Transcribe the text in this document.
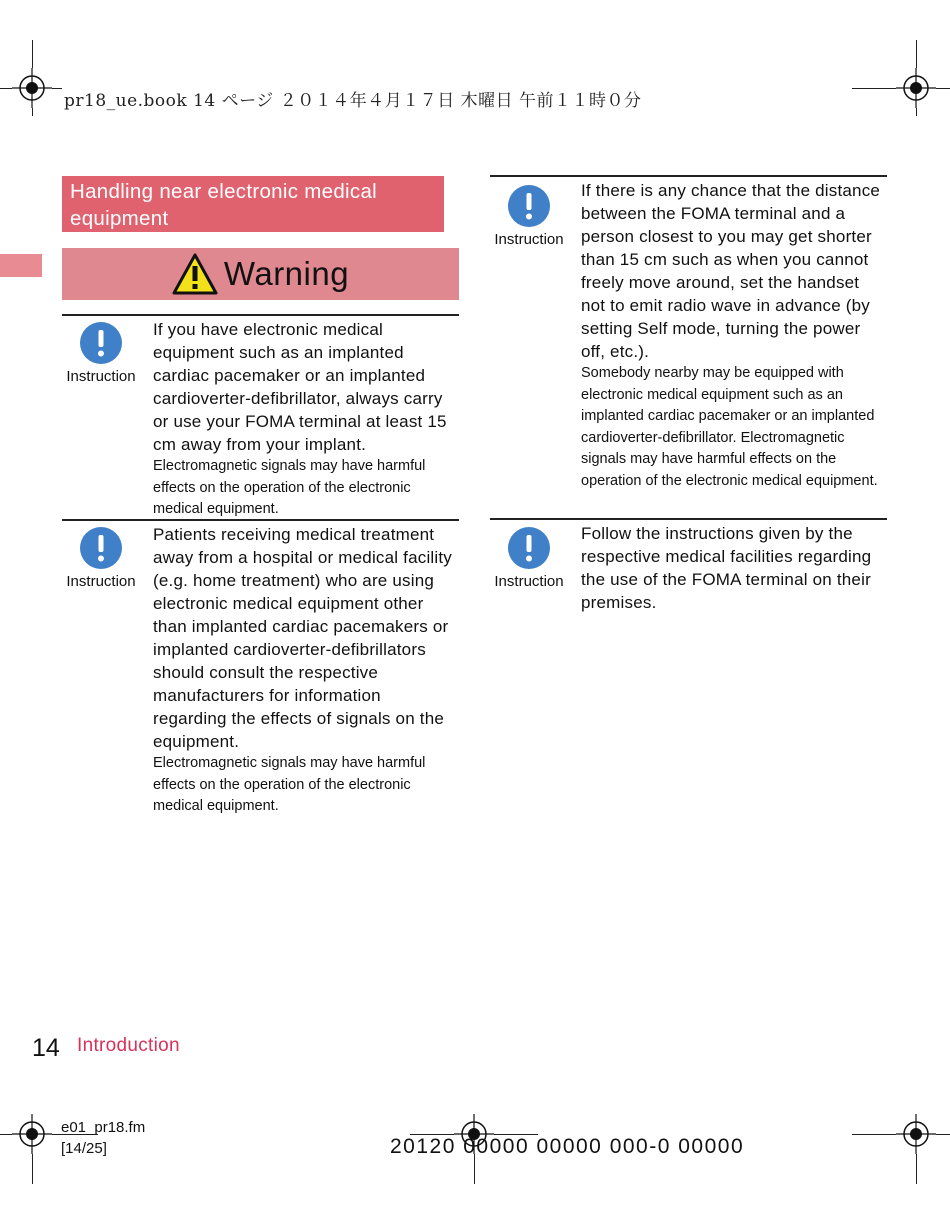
pr18_ue.book 14 ページ ２０１４年４月１７日 木曜日 午前１１時０分
Handling near electronic medical equipment
Warning
Instruction
If you have electronic medical equipment such as an implanted cardiac pacemaker or an implanted cardioverter-defibrillator, always carry or use your FOMA terminal at least 15 cm away from your implant.
Electromagnetic signals may have harmful effects on the operation of the electronic medical equipment.
Instruction
Patients receiving medical treatment away from a hospital or medical facility (e.g. home treatment) who are using electronic medical equipment other than implanted cardiac pacemakers or implanted cardioverter-defibrillators should consult the respective manufacturers for information regarding the effects of signals on the equipment.
Electromagnetic signals may have harmful effects on the operation of the electronic medical equipment.
Instruction
If there is any chance that the distance between the FOMA terminal and a person closest to you may get shorter than 15 cm such as when you cannot freely move around, set the handset not to emit radio wave in advance (by setting Self mode, turning the power off, etc.).
Somebody nearby may be equipped with electronic medical equipment such as an implanted cardiac pacemaker or an implanted cardioverter-defibrillator. Electromagnetic signals may have harmful effects on the operation of the electronic medical equipment.
Instruction
Follow the instructions given by the respective medical facilities regarding the use of the FOMA terminal on their premises.
14 Introduction
e01_pr18.fm
[14/25]	20120 00000 00000 000-0 00000
